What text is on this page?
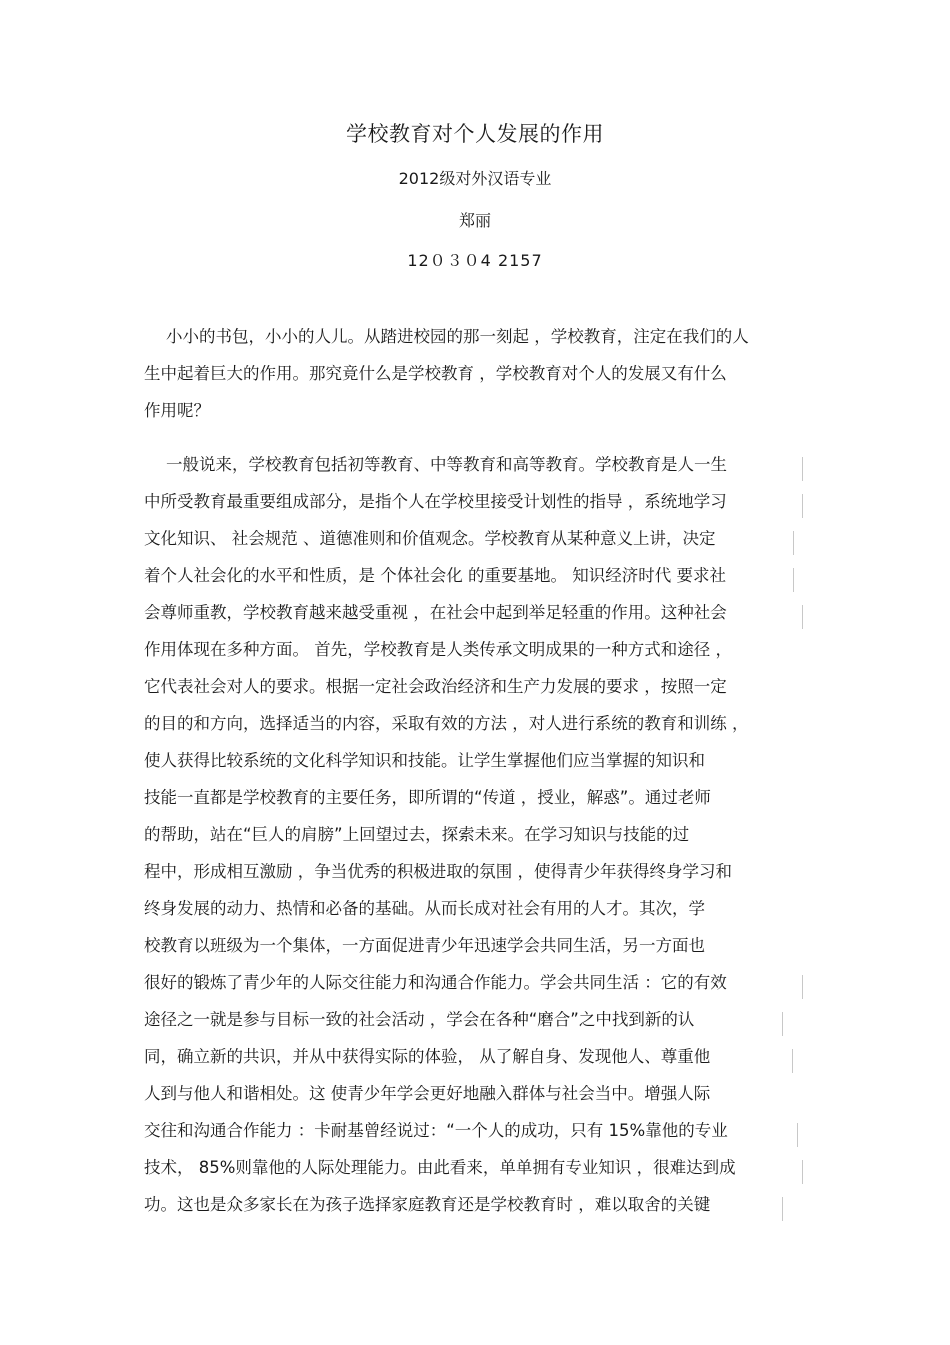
学校教育对个人发展的作用
2012级对外汉语专业
郑丽
12０３０4 2157
小小的书包，小小的人儿。从踏进校园的那一刻起 ，学校教育，注定在我们的人
生中起着巨大的作用。那究竟什么是学校教育 ，学校教育对个人的发展又有什么
作用呢？
一般说来，学校教育包括初等教育、中等教育和高等教育。学校教育是人一生
中所受教育最重要组成部分，是指个人在学校里接受计划性的指导 ，系统地学习
文化知识、 社会规范 、道德准则和价值观念。学校教育从某种意义上讲，决定
着个人社会化的水平和性质，是 个体社会化 的重要基地。 知识经济时代 要求社
会尊师重教，学校教育越来越受重视 ，在社会中起到举足轻重的作用。这种社会
作用体现在多种方面。 首先，学校教育是人类传承文明成果的一种方式和途径 ，
它代表社会对人的要求。根据一定社会政治经济和生产力发展的要求 ，按照一定
的目的和方向，选择适当的内容，采取有效的方法 ，对人进行系统的教育和训练 ，
使人获得比较系统的文化科学知识和技能。让学生掌握他们应当掌握的知识和
技能一直都是学校教育的主要任务，即所谓的“传道 ，授业，解惑”。通过老师
的帮助，站在“巨人的肩膀”上回望过去，探索未来。在学习知识与技能的过
程中，形成相互激励 ，争当优秀的积极进取的氛围 ，使得青少年获得终身学习和
终身发展的动力、热情和必备的基础。从而长成对社会有用的人才。其次，学
校教育以班级为一个集体，一方面促进青少年迅速学会共同生活，另一方面也
很好的锻炼了青少年的人际交往能力和沟通合作能力。学会共同生活 ：它的有效
途径之一就是参与目标一致的社会活动 ，学会在各种“磨合”之中找到新的认
同，确立新的共识，并从中获得实际的体验， 从了解自身、发现他人、尊重他
人到与他人和谐相处。这 使青少年学会更好地融入群体与社会当中。增强人际
交往和沟通合作能力 ：卡耐基曾经说过：“一个人的成功，只有 15%靠他的专业
技术， 85%则靠他的人际处理能力。由此看来，单单拥有专业知识 ，很难达到成
功。这也是众多家长在为孩子选择家庭教育还是学校教育时 ，难以取舍的关键
